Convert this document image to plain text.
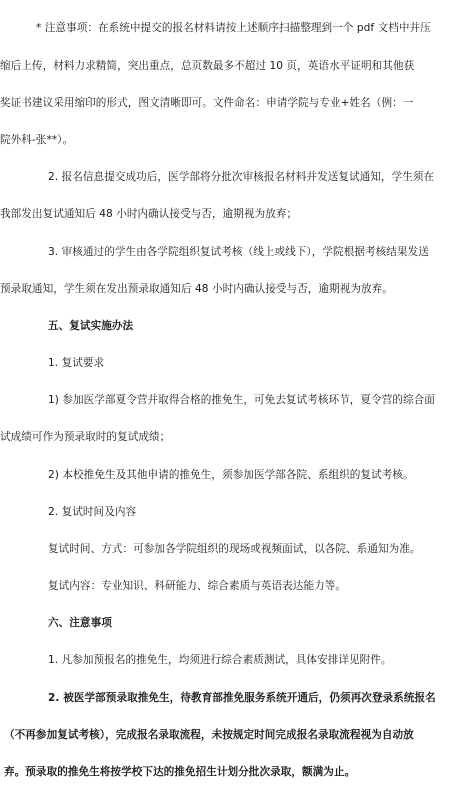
* 注意事项：在系统中提交的报名材料请按上述顺序扫描整理到一个 pdf 文档中并压
缩后上传，材料力求精简，突出重点，总页数最多不超过 10 页，英语水平证明和其他获
奖证书建议采用缩印的形式，图文清晰即可。文件命名：申请学院与专业+姓名（例：一
院外科-张**）。
2. 报名信息提交成功后，医学部将分批次审核报名材料并发送复试通知，学生须在
我部发出复试通知后 48 小时内确认接受与否，逾期视为放弃；
3. 审核通过的学生由各学院组织复试考核（线上或线下），学院根据考核结果发送
预录取通知，学生须在发出预录取通知后 48 小时内确认接受与否，逾期视为放弃。
五、复试实施办法
1. 复试要求
1) 参加医学部夏令营并取得合格的推免生，可免去复试考核环节，夏令营的综合面
试成绩可作为预录取时的复试成绩；
2) 本校推免生及其他申请的推免生，须参加医学部各院、系组织的复试考核。
2. 复试时间及内容
复试时间、方式：可参加各学院组织的现场或视频面试，以各院、系通知为准。
复试内容：专业知识、科研能力、综合素质与英语表达能力等。
六、注意事项
1. 凡参加预报名的推免生，均须进行综合素质测试，具体安排详见附件。
2. 被医学部预录取推免生，待教育部推免服务系统开通后，仍须再次登录系统报名
（不再参加复试考核），完成报名录取流程，未按规定时间完成报名录取流程视为自动放
弃。预录取的推免生将按学校下达的推免招生计划分批次录取，额满为止。
